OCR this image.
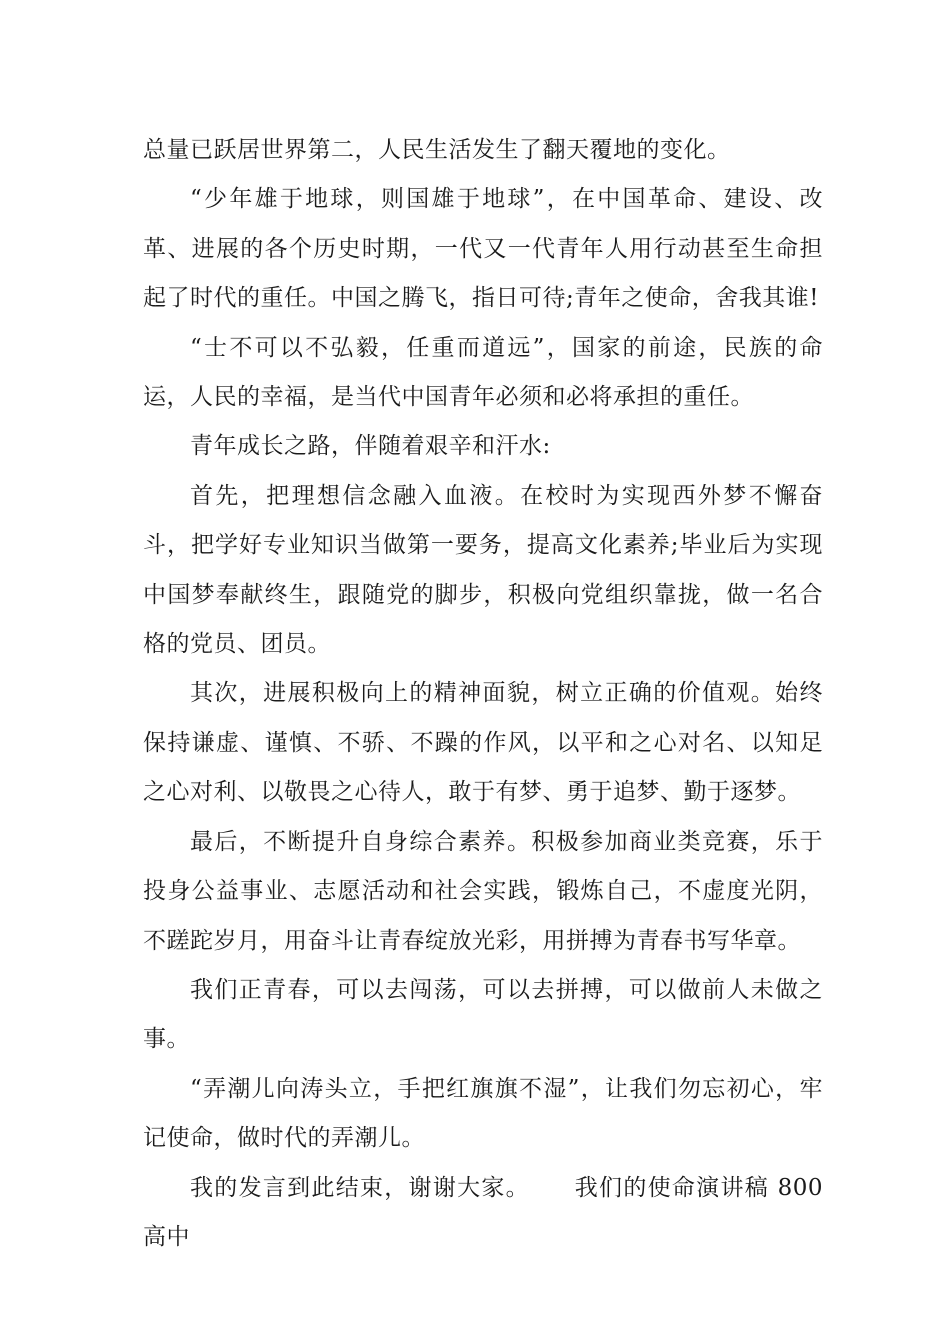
总量已跃居世界第二，人民生活发生了翻天覆地的变化。

“少年雄于地球，则国雄于地球”，在中国革命、建设、改革、进展的各个历史时期，一代又一代青年人用行动甚至生命担起了时代的重任。中国之腾飞，指日可待;青年之使命，舍我其谁!

“士不可以不弘毅，任重而道远”，国家的前途，民族的命运，人民的幸福，是当代中国青年必须和必将承担的重任。

青年成长之路，伴随着艰辛和汗水:

首先，把理想信念融入血液。在校时为实现西外梦不懈奋斗，把学好专业知识当做第一要务，提高文化素养;毕业后为实现中国梦奉献终生，跟随党的脚步，积极向党组织靠拢，做一名合格的党员、团员。

其次，进展积极向上的精神面貌，树立正确的价值观。始终保持谦虚、谨慎、不骄、不躁的作风，以平和之心对名、以知足之心对利、以敬畏之心待人，敢于有梦、勇于追梦、勤于逐梦。

最后，不断提升自身综合素养。积极参加商业类竞赛，乐于投身公益事业、志愿活动和社会实践，锻炼自己，不虚度光阴，不蹉跎岁月，用奋斗让青春绽放光彩，用拼搏为青春书写华章。

我们正青春，可以去闯荡，可以去拼搏，可以做前人未做之事。

“弄潮儿向涛头立，手把红旗旗不湿”，让我们勿忘初心，牢记使命，做时代的弄潮儿。

我的发言到此结束，谢谢大家。 我们的使命演讲稿 800 高中
